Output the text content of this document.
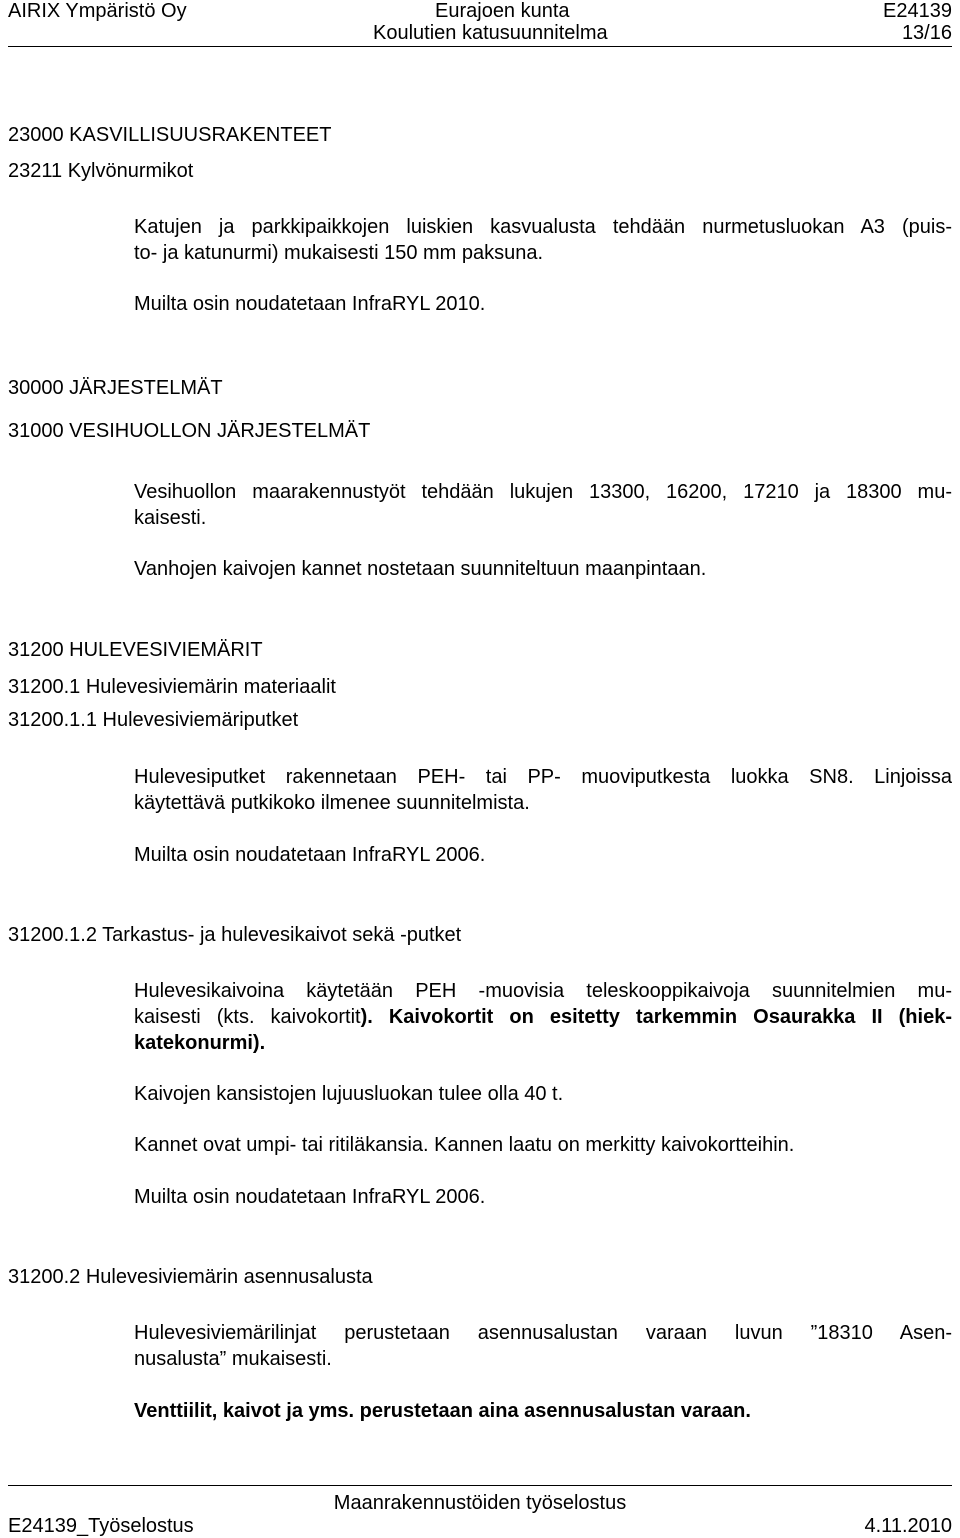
AIRIX Ympäristö Oy	Eurajoen kunta	E24139
Koulutien katusuunnitelma	13/16
23000 KASVILLISUUSRAKENTEET
23211 Kylvönurmikot
Katujen ja parkkipaikkojen luiskien kasvualusta tehdään nurmetusluokan A3 (puis-
to- ja katunurmi) mukaisesti 150 mm paksuna.
Muilta osin noudatetaan InfraRYL 2010.
30000 JÄRJESTELMÄT
31000 VESIHUOLLON JÄRJESTELMÄT
Vesihuollon maarakennustyöt tehdään lukujen 13300, 16200, 17210 ja 18300 mu-
kaisesti.
Vanhojen kaivojen kannet nostetaan suunniteltuun maanpintaan.
31200 HULEVESIVIEMÄRIT
31200.1 Hulevesiviemärin materiaalit
31200.1.1 Hulevesiviemäriputket
Hulevesiputket rakennetaan PEH- tai PP- muoviputkesta luokka SN8. Linjoissa
käytettävä putkikoko ilmenee suunnitelmista.
Muilta osin noudatetaan InfraRYL 2006.
31200.1.2 Tarkastus- ja hulevesikaivot sekä -putket
Hulevesikaivoina käytetään PEH -muovisia teleskooppikaivoja suunnitelmien mu-
kaisesti (kts. kaivokortit). Kaivokortit on esitetty tarkemmin Osaurakka II (hiek-
katekonurmi).
Kaivojen kansistojen lujuusluokan tulee olla 40 t.
Kannet ovat umpi- tai ritiläkansia. Kannen laatu on merkitty kaivokortteihin.
Muilta osin noudatetaan InfraRYL 2006.
31200.2 Hulevesiviemärin asennusalusta
Hulevesiviemärilinjat perustetaan asennusalustan varaan luvun ”18310 Asen-
nusalusta” mukaisesti.
Venttiilit, kaivot ja yms. perustetaan aina asennusalustan varaan.
Maanrakennustöiden työselostus
E24139_Työselostus	4.11.2010
